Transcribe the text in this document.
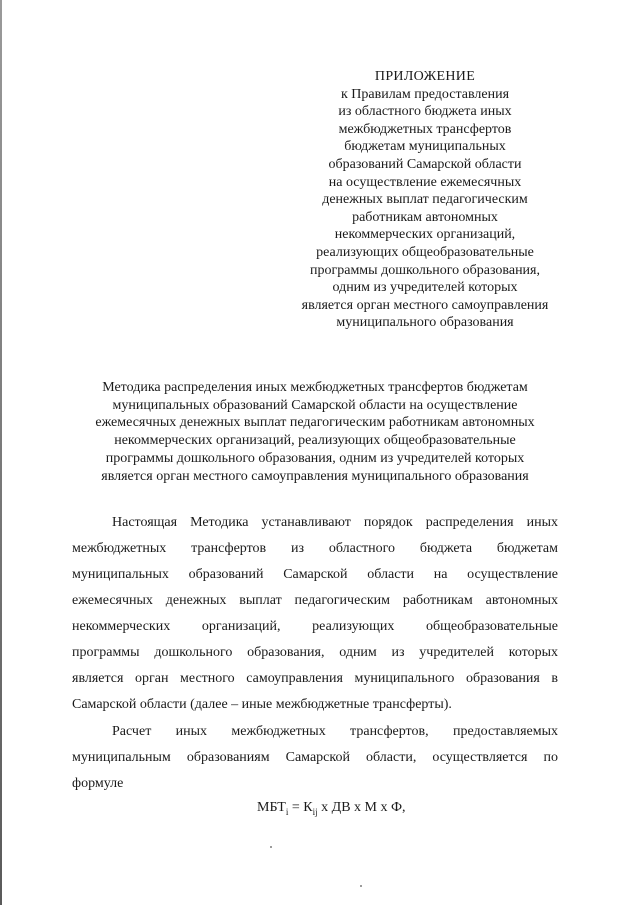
ПРИЛОЖЕНИЕ
к Правилам предоставления
из областного бюджета иных
межбюджетных трансфертов
бюджетам муниципальных
образований Самарской области
на осуществление ежемесячных
денежных выплат педагогическим
работникам автономных
некоммерческих организаций,
реализующих общеобразовательные
программы дошкольного образования,
одним из учредителей которых
является орган местного самоуправления
муниципального образования
Методика распределения иных межбюджетных трансфертов бюджетам
муниципальных образований Самарской области на осуществление
ежемесячных денежных выплат педагогическим работникам автономных
некоммерческих организаций, реализующих общеобразовательные
программы дошкольного образования, одним из учредителей которых
является орган местного самоуправления муниципального образования
Настоящая Методика устанавливают порядок распределения иных
межбюджетных трансфертов из областного бюджета бюджетам
муниципальных образований Самарской области на осуществление
ежемесячных денежных выплат педагогическим работникам автономных
некоммерческих организаций, реализующих общеобразовательные
программы дошкольного образования, одним из учредителей которых
является орган местного самоуправления муниципального образования в
Самарской области (далее – иные межбюджетные трансферты).
Расчет иных межбюджетных трансфертов, предоставляемых
муниципальным образованиям Самарской области, осуществляется по
формуле
$МБТ_i = К_{ij}$ х ДВ х М х Ф,
